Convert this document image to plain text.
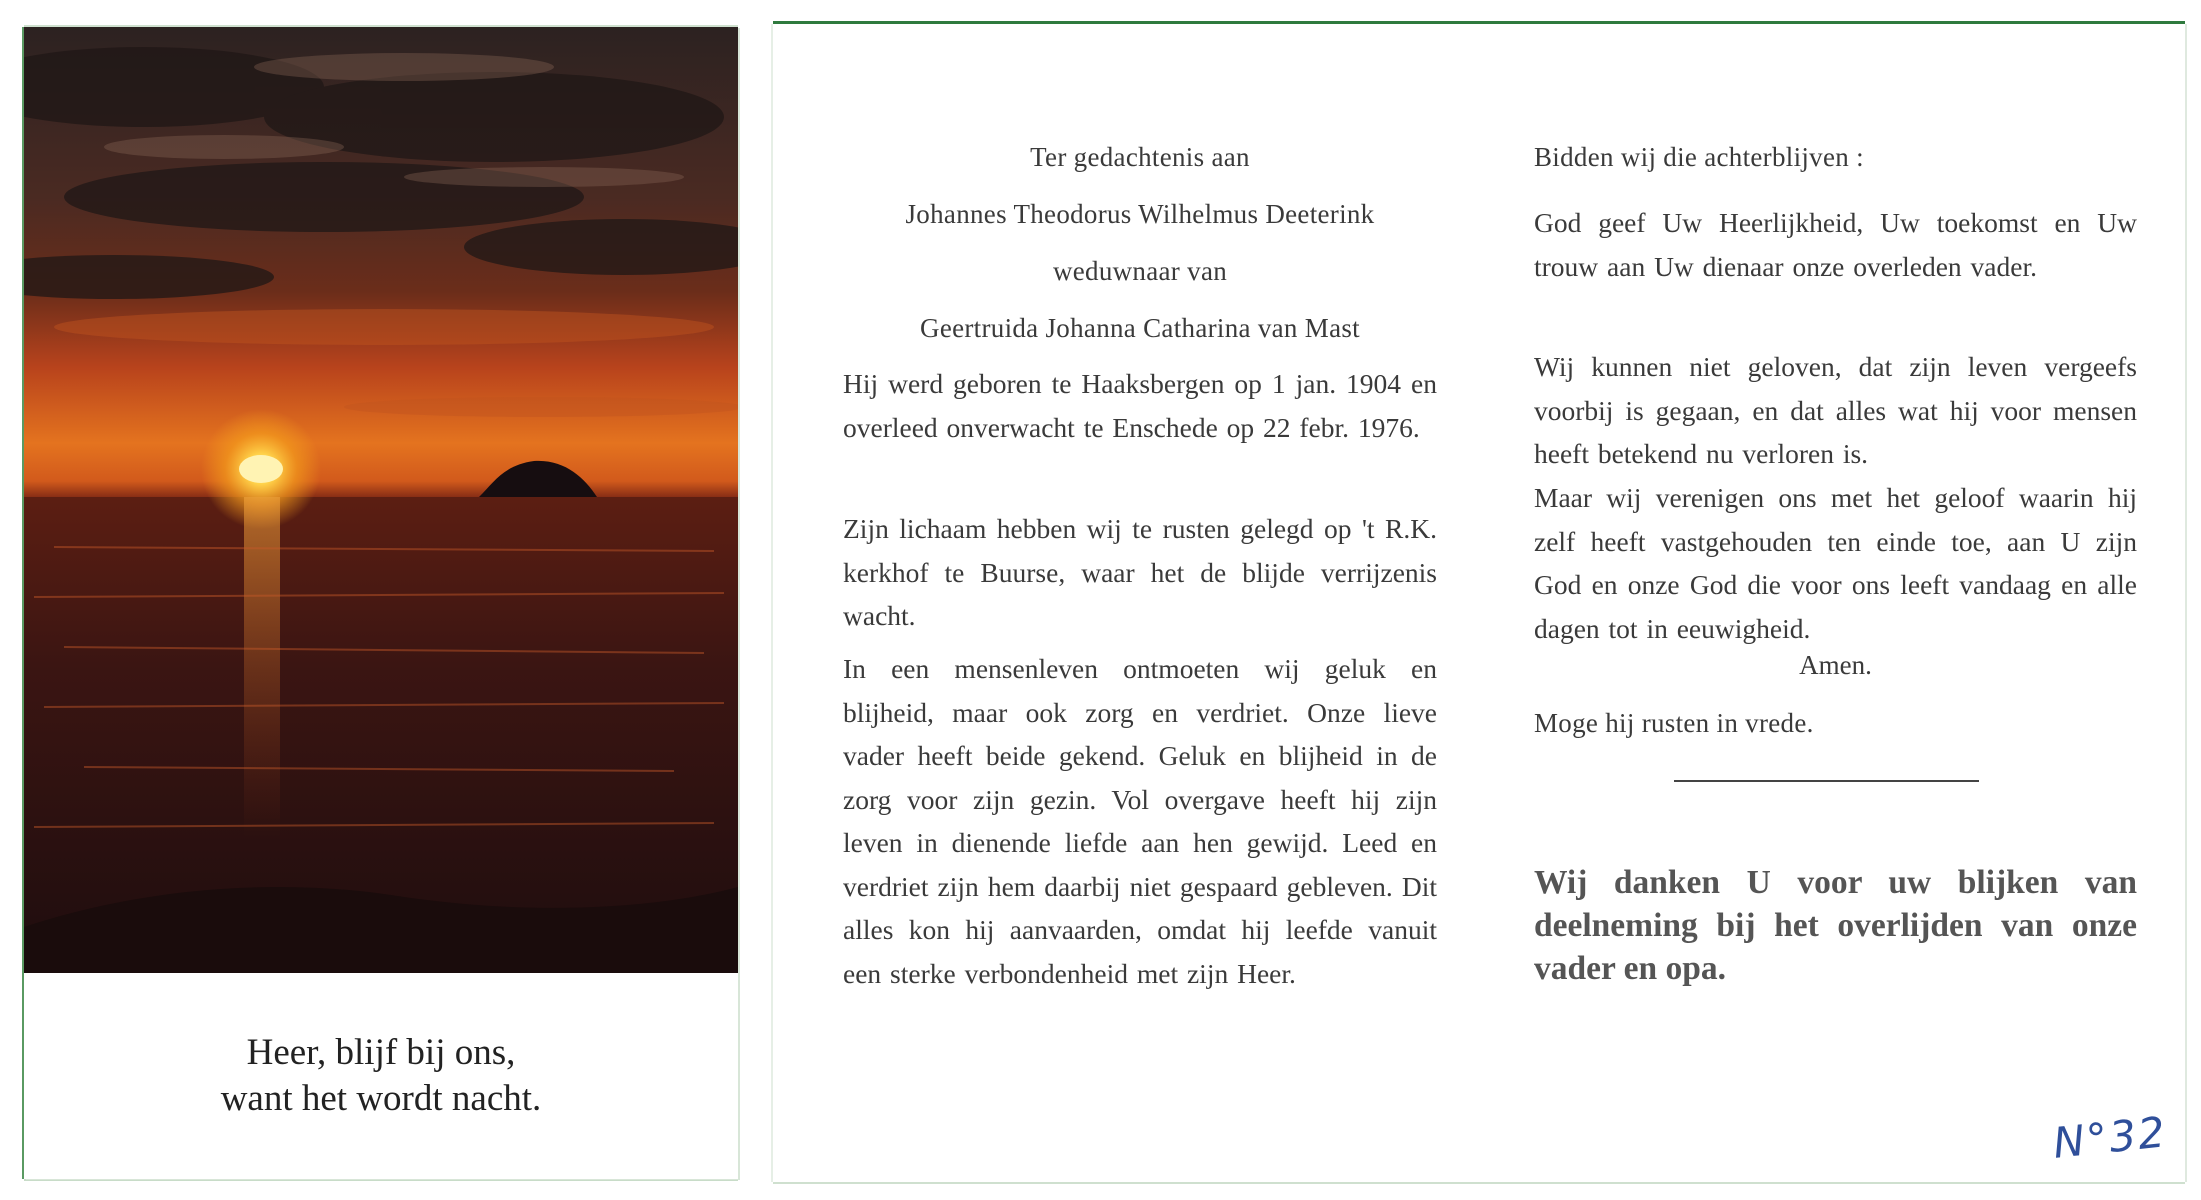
Heer, blijf bij ons,
want het wordt nacht.
Ter gedachtenis aan
Johannes Theodorus Wilhelmus Deeterink
weduwnaar van
Geertruida Johanna Catharina van Mast

Hij werd geboren te Haaksbergen op 1 jan. 1904 en overleed onverwacht te Enschede op 22 febr. 1976.

Zijn lichaam hebben wij te rusten gelegd op 't R.K. kerkhof te Buurse, waar het de blijde verrijzenis wacht.

In een mensenleven ontmoeten wij geluk en blijheid, maar ook zorg en verdriet. Onze lieve vader heeft beide gekend. Geluk en blijheid in de zorg voor zijn gezin. Vol overgave heeft hij zijn leven in dienende liefde aan hen gewijd. Leed en verdriet zijn hem daarbij niet gespaard gebleven. Dit alles kon hij aanvaarden, omdat hij leefde vanuit een sterke verbondenheid met zijn Heer.

Bidden wij die achterblijven :

God geef Uw Heerlijkheid, Uw toekomst en Uw trouw aan Uw dienaar onze overleden vader.

Wij kunnen niet geloven, dat zijn leven vergeefs voorbij is gegaan, en dat alles wat hij voor mensen heeft betekend nu verloren is.

Maar wij verenigen ons met het geloof waarin hij zelf heeft vastgehouden ten einde toe, aan U zijn God en onze God die voor ons leeft vandaag en alle dagen tot in eeuwigheid.

Amen.
Moge hij rusten in vrede.

Wij danken U voor uw blijken van deelneming bij het overlijden van onze vader en opa.

N°32
